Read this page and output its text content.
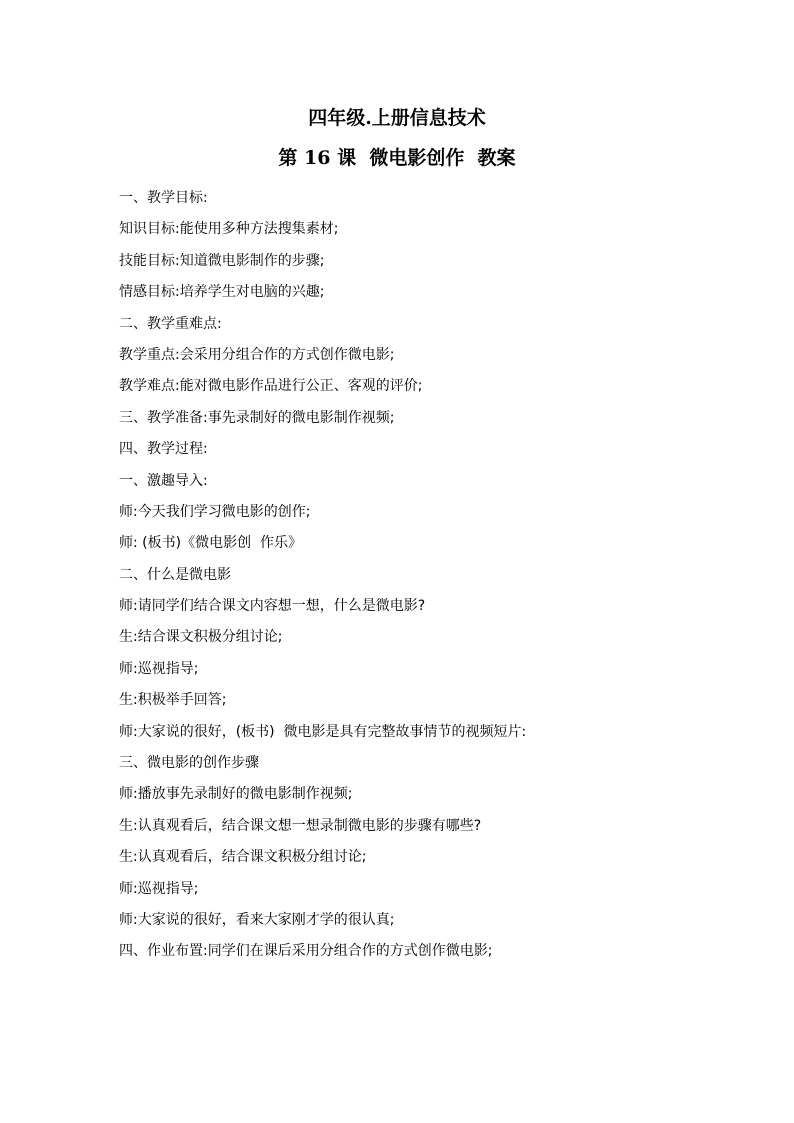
四年级.上册信息技术
第 16 课  微电影创作  教案
一、教学目标:
知识目标:能使用多种方法搜集素材;
技能目标:知道微电影制作的步骤;
情感目标:培养学生对电脑的兴趣;
二、教学重难点:
教学重点:会采用分组合作的方式创作微电影;
教学难点:能对微电影作品进行公正、客观的评价;
三、教学准备:事先录制好的微电影制作视频;
四、教学过程:
一、激趣导入:
师:今天我们学习微电影的创作;
师: (板书)《微电影创  作乐》
二、什么是微电影
师:请同学们结合课文内容想一想，什么是微电影?
生:结合课文积极分组讨论;
师:巡视指导;
生:积极举手回答;
师:大家说的很好，(板书)  微电影是具有完整故事情节的视频短片:
三、微电影的创作步骤
师:播放事先录制好的微电影制作视频;
生:认真观看后，结合课文想一想录制微电影的步骤有哪些?
生:认真观看后，结合课文积极分组讨论;
师:巡视指导;
师:大家说的很好，看来大家刚才学的很认真;
四、作业布置:同学们在课后采用分组合作的方式创作微电影;
